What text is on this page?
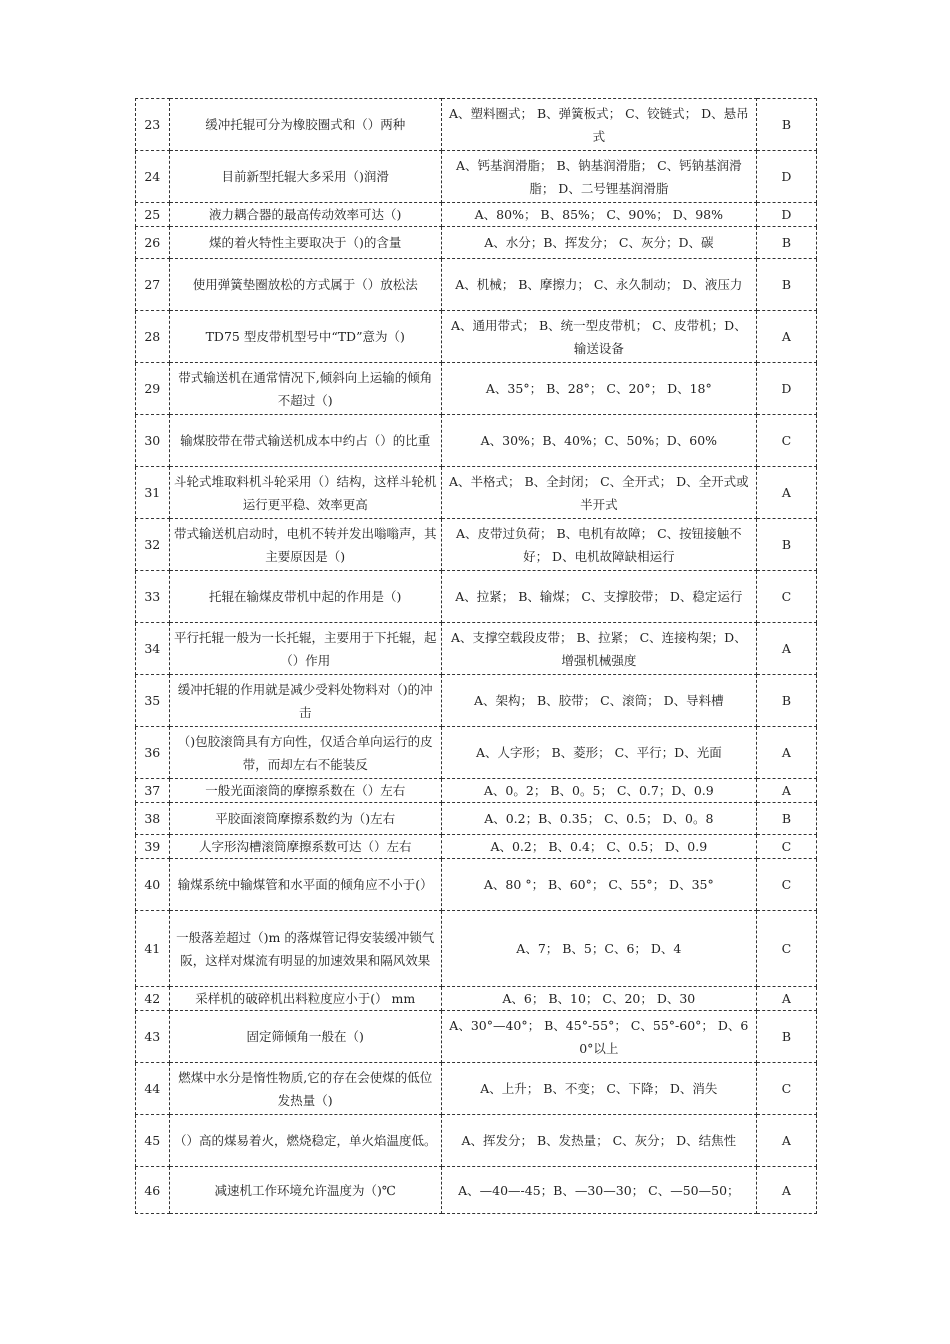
23	缓冲托辊可分为橡胶圈式和（）两种	A、塑料圈式； B、弹簧板式； C、铰链式； D、悬吊式	B
24	目前新型托辊大多采用（)润滑	A、钙基润滑脂； B、钠基润滑脂； C、钙钠基润滑脂； D、二号锂基润滑脂	D
25	液力耦合器的最高传动效率可达（)	A、80%； B、85%； C、90%； D、98%	D
26	煤的着火特性主要取决于（)的含量	A、水分；B、挥发分； C、灰分；D、碳	B
27	使用弹簧垫圈放松的方式属于（）放松法	A、机械； B、摩擦力； C、永久制动； D、液压力	B
28	TD75 型皮带机型号中“TD”意为（)	A、通用带式； B、统一型皮带机； C、皮带机；D、输送设备	A
29	带式输送机在通常情况下,倾斜向上运输的倾角不超过（)	A、35°； B、28°； C、20°； D、18°	D
30	输煤胶带在带式输送机成本中约占（）的比重	A、30%；B、40%；C、50%；D、60%	C
31	斗轮式堆取料机斗轮采用（）结构，这样斗轮机运行更平稳、效率更高	A、半格式； B、全封闭； C、全开式； D、全开式或半开式	A
32	带式输送机启动时，电机不转并发出嗡嗡声，其主要原因是（)	A、皮带过负荷； B、电机有故障； C、按钮接触不好； D、电机故障缺相运行	B
33	托辊在输煤皮带机中起的作用是（)	A、拉紧； B、输煤； C、支撑胶带； D、稳定运行	C
34	平行托辊一般为一长托辊，主要用于下托辊，起（）作用	A、支撑空载段皮带； B、拉紧； C、连接构架；D、增强机械强度	A
35	缓冲托辊的作用就是减少受料处物料对（)的冲击	A、架构； B、胶带； C、滚筒； D、导料槽	B
36	（)包胶滚筒具有方向性，仅适合单向运行的皮带，而却左右不能装反	A、人字形； B、菱形； C、平行；D、光面	A
37	一般光面滚筒的摩擦系数在（）左右	A、0。2； B、0。5； C、0.7；D、0.9	A
38	平胶面滚筒摩擦系数约为（)左右	A、0.2；B、0.35； C、0.5； D、0。8	B
39	人字形沟槽滚筒摩擦系数可达（）左右	A、0.2； B、0.4； C、0.5； D、0.9	C
40	输煤系统中输煤管和水平面的倾角应不小于(）	A、80 °； B、60°； C、55°； D、35°	C
41	一般落差超过（)m 的落煤管记得安装缓冲锁气阪，这样对煤流有明显的加速效果和隔风效果	A、7； B、5；C、6； D、4	C
42	采样机的破碎机出料粒度应小于(） mm	A、6； B、10； C、20； D、30	A
43	固定筛倾角一般在（)	A、30°—40°； B、45°-55°； C、55°-60°； D、60°以上	B
44	燃煤中水分是惰性物质,它的存在会使煤的低位发热量（)	A、上升； B、不变； C、下降； D、消失	C
45	（）高的煤易着火，燃烧稳定，单火焰温度低。	A、挥发分； B、发热量； C、灰分； D、结焦性	A
46	减速机工作环境允许温度为（)℃	A、—40—-45；B、—30—30； C、—50—50；	A
